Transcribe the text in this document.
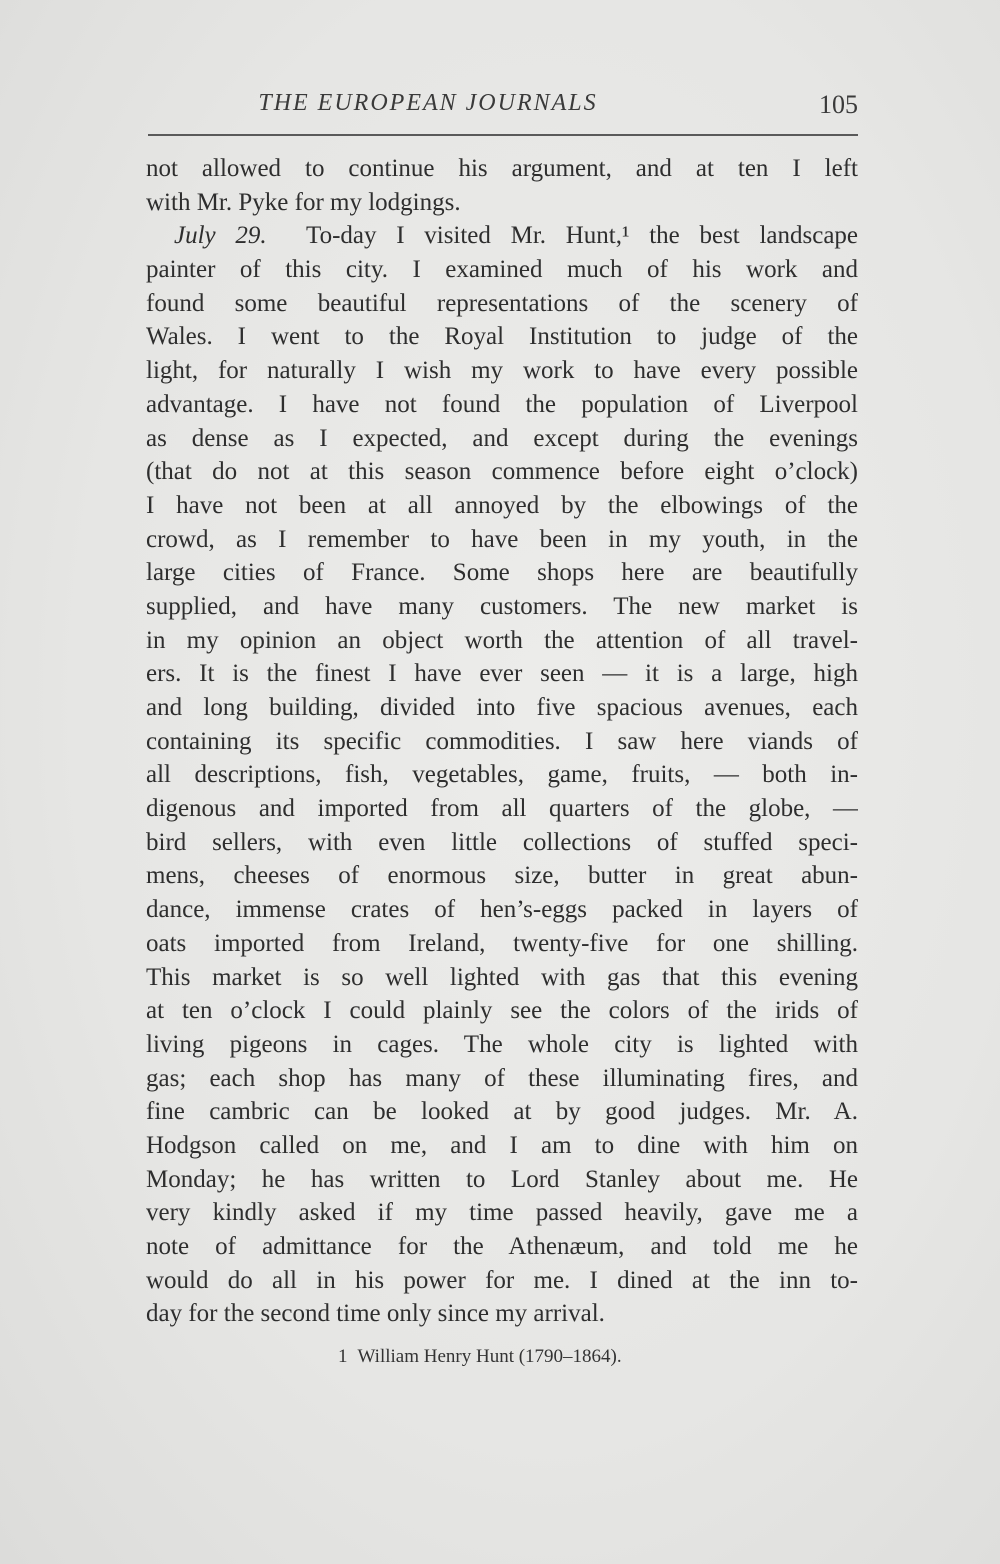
THE EUROPEAN JOURNALS	105
not allowed to continue his argument, and at ten I left
with Mr. Pyke for my lodgings.
July 29. To-day I visited Mr. Hunt,¹ the best landscape
painter of this city. I examined much of his work and
found some beautiful representations of the scenery of
Wales. I went to the Royal Institution to judge of the
light, for naturally I wish my work to have every possible
advantage. I have not found the population of Liverpool
as dense as I expected, and except during the evenings
(that do not at this season commence before eight o’clock)
I have not been at all annoyed by the elbowings of the
crowd, as I remember to have been in my youth, in the
large cities of France. Some shops here are beautifully
supplied, and have many customers. The new market is
in my opinion an object worth the attention of all travel-
ers. It is the finest I have ever seen — it is a large, high
and long building, divided into five spacious avenues, each
containing its specific commodities. I saw here viands of
all descriptions, fish, vegetables, game, fruits, — both in-
digenous and imported from all quarters of the globe, —
bird sellers, with even little collections of stuffed speci-
mens, cheeses of enormous size, butter in great abun-
dance, immense crates of hen’s-eggs packed in layers of
oats imported from Ireland, twenty-five for one shilling.
This market is so well lighted with gas that this evening
at ten o’clock I could plainly see the colors of the irids of
living pigeons in cages. The whole city is lighted with
gas; each shop has many of these illuminating fires, and
fine cambric can be looked at by good judges. Mr. A.
Hodgson called on me, and I am to dine with him on
Monday; he has written to Lord Stanley about me. He
very kindly asked if my time passed heavily, gave me a
note of admittance for the Athenæum, and told me he
would do all in his power for me. I dined at the inn to-
day for the second time only since my arrival.
1 William Henry Hunt (1790–1864).
